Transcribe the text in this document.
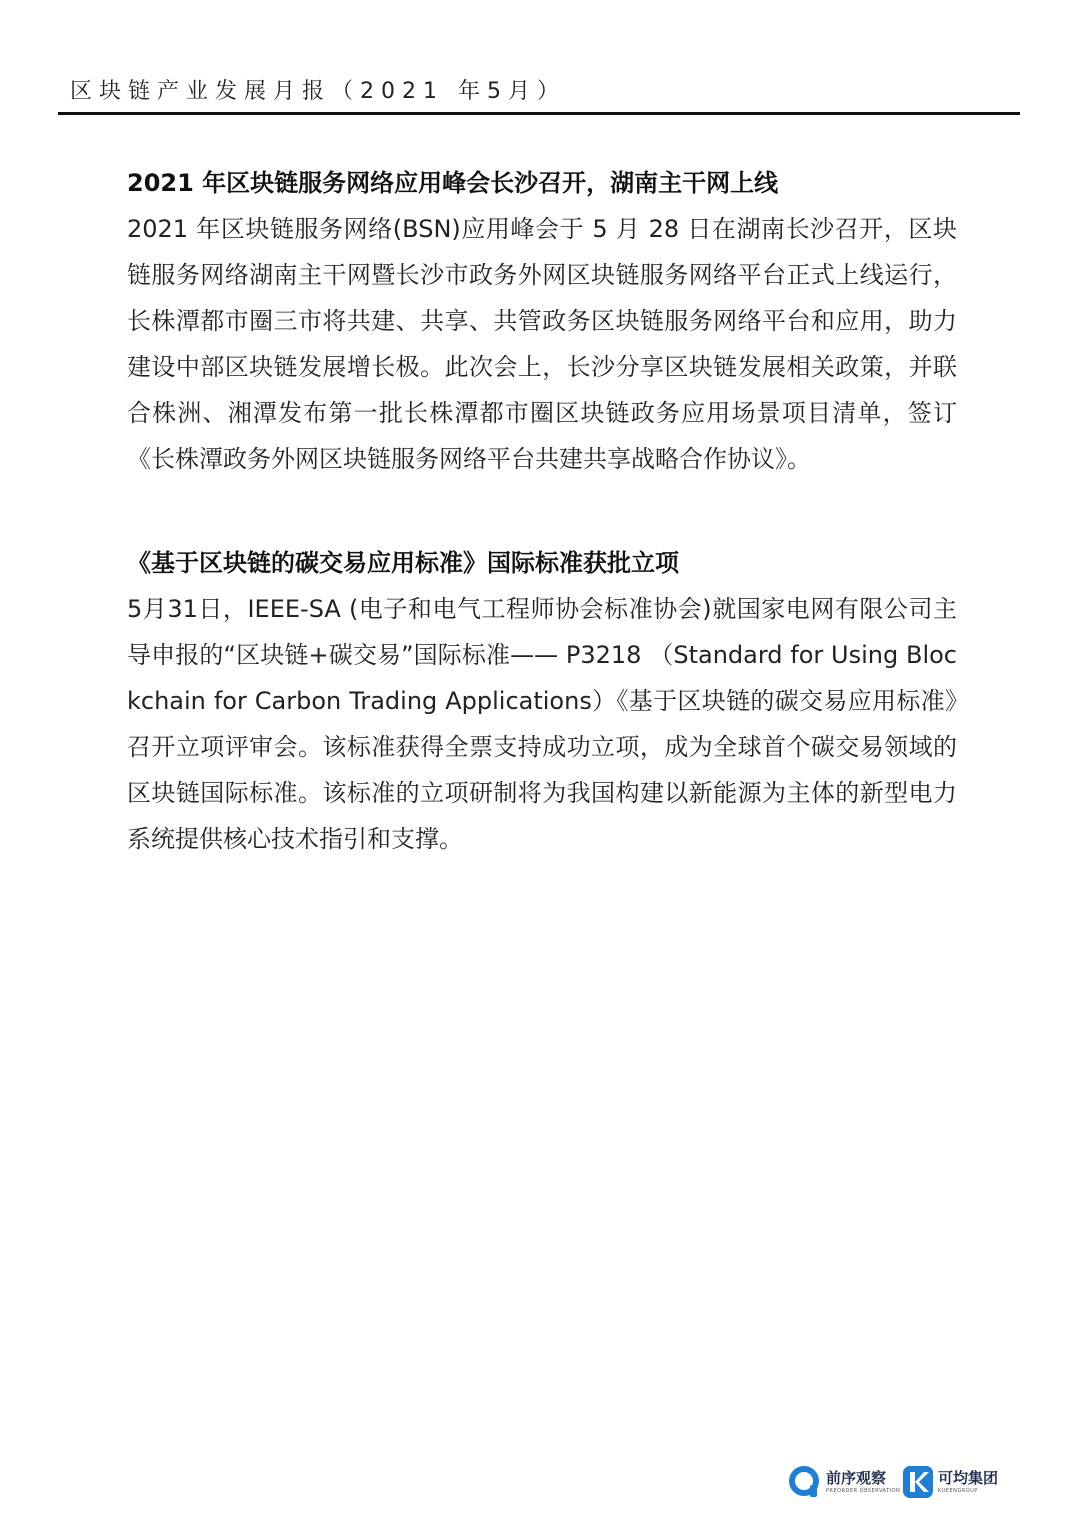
区块链产业发展月报（2021 年5月）
2021 年区块链服务网络应用峰会长沙召开，湖南主干网上线

2021 年区块链服务网络(BSN)应用峰会于 5 月 28 日在湖南长沙召开，区块链服务网络湖南主干网暨长沙市政务外网区块链服务网络平台正式上线运行，长株潭都市圈三市将共建、共享、共管政务区块链服务网络平台和应用，助力建设中部区块链发展增长极。此次会上，长沙分享区块链发展相关政策，并联合株洲、湘潭发布第一批长株潭都市圈区块链政务应用场景项目清单，签订《长株潭政务外网区块链服务网络平台共建共享战略合作协议》。

《基于区块链的碳交易应用标准》国际标准获批立项

5月31日，IEEE-SA (电子和电气工程师协会标准协会)就国家电网有限公司主导申报的“区块链+碳交易”国际标准—— P3218 （Standard for Using Blockchain for Carbon Trading Applications）《基于区块链的碳交易应用标准》召开立项评审会。该标准获得全票支持成功立项，成为全球首个碳交易领域的区块链国际标准。该标准的立项研制将为我国构建以新能源为主体的新型电力系统提供核心技术指引和支撑。

前序观察
PREORDER OBSERVATION
可均集团
KUEENGROUP
